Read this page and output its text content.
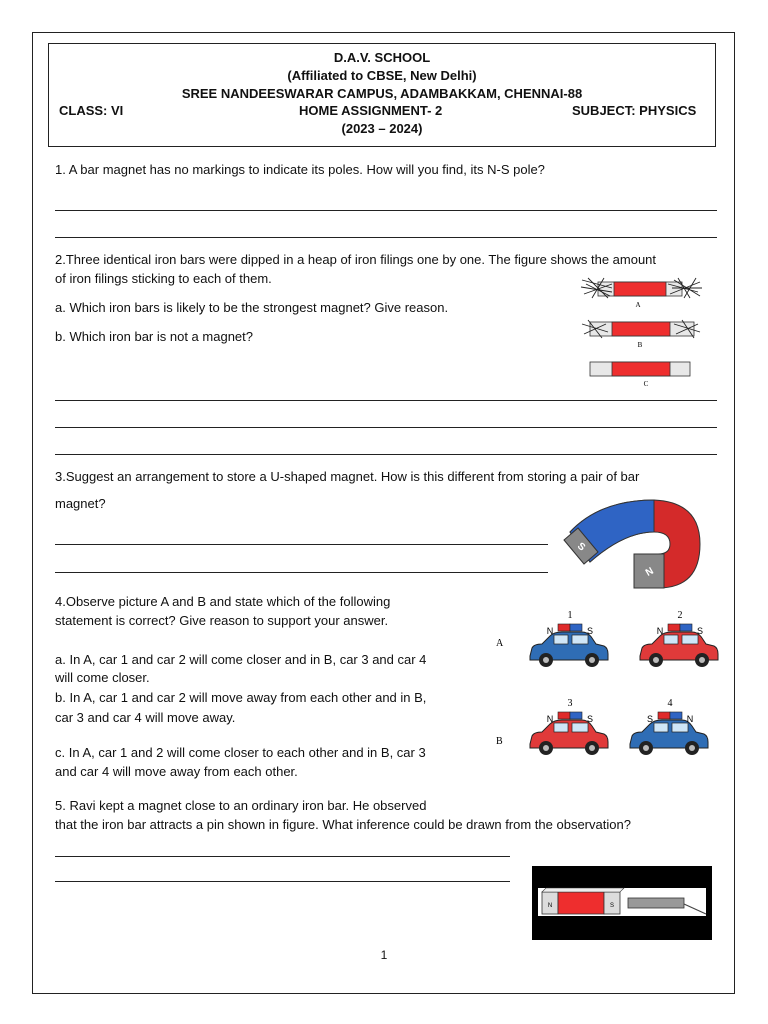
D.A.V. SCHOOL
(Affiliated to CBSE, New Delhi)
SREE NANDEESWARAR CAMPUS, ADAMBAKKAM, CHENNAI-88
CLASS: VI	HOME ASSIGNMENT- 2	SUBJECT: PHYSICS
(2023 – 2024)
1. A bar magnet has no markings to indicate its poles. How will you find, its N-S pole?
2.Three identical iron bars were dipped in a heap of iron filings one by one. The figure shows the amount
of iron filings sticking to each of them.
a. Which iron bars is likely to be the strongest magnet? Give reason.
b. Which iron bar is not a magnet?
A
B
C
3.Suggest an arrangement to store a U-shaped magnet. How is this different from storing a pair of bar
magnet?
S
N
4.Observe picture A and B and state which of the following
statement is correct? Give reason to support your answer.
a. In A, car 1 and car 2 will come closer and in B, car 3 and car 4
will come closer.
b. In A, car 1 and car 2 will move away from each other and in B,
car 3 and car 4 will move away.
c. In A, car 1 and 2 will come closer to each other and in B, car 3
and car 4 will move away from each other.
A
B
N	S
1
N	S
2
N	S
3
S	N
4
5. Ravi kept a magnet close to an ordinary iron bar. He observed
that the iron bar attracts a pin shown in figure. What inference could be drawn from the observation?
N	S
1
